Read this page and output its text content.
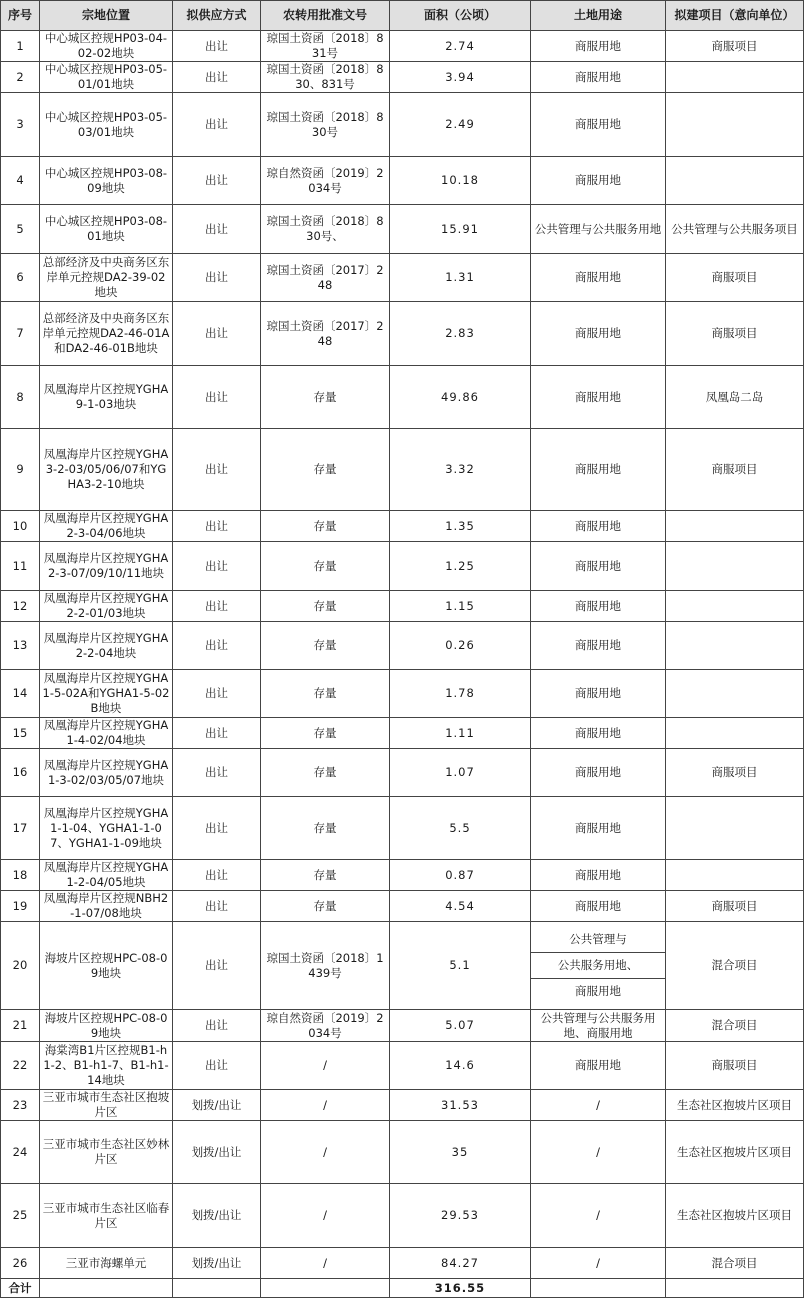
序号	宗地位置	拟供应方式	农转用批准文号	面积（公顷）	土地用途	拟建项目（意向单位）
1	中心城区控规HP03-04-02-02地块	出让	琼国土资函〔2018〕831号	2.74	商服用地	商服项目
2	中心城区控规HP03-05-01/01地块	出让	琼国土资函〔2018〕830、831号	3.94	商服用地	
3	中心城区控规HP03-05-03/01地块	出让	琼国土资函〔2018〕830号	2.49	商服用地	
4	中心城区控规HP03-08-09地块	出让	琼自然资函〔2019〕2034号	10.18	商服用地	
5	中心城区控规HP03-08-01地块	出让	琼国土资函〔2018〕830号、	15.91	公共管理与公共服务用地	公共管理与公共服务项目
6	总部经济及中央商务区东岸单元控规DA2-39-02地块	出让	琼国土资函〔2017〕248	1.31	商服用地	商服项目
7	总部经济及中央商务区东岸单元控规DA2-46-01A和DA2-46-01B地块	出让	琼国土资函〔2017〕248	2.83	商服用地	商服项目
8	凤凰海岸片区控规YGHA9-1-03地块	出让	存量	49.86	商服用地	凤凰岛二岛
9	凤凰海岸片区控规YGHA3-2-03/05/06/07和YGHA3-2-10地块	出让	存量	3.32	商服用地	商服项目
10	凤凰海岸片区控规YGHA2-3-04/06地块	出让	存量	1.35	商服用地	
11	凤凰海岸片区控规YGHA2-3-07/09/10/11地块	出让	存量	1.25	商服用地	
12	凤凰海岸片区控规YGHA2-2-01/03地块	出让	存量	1.15	商服用地	
13	凤凰海岸片区控规YGHA2-2-04地块	出让	存量	0.26	商服用地	
14	凤凰海岸片区控规YGHA1-5-02A和YGHA1-5-02B地块	出让	存量	1.78	商服用地	
15	凤凰海岸片区控规YGHA1-4-02/04地块	出让	存量	1.11	商服用地	
16	凤凰海岸片区控规YGHA1-3-02/03/05/07地块	出让	存量	1.07	商服用地	商服项目
17	凤凰海岸片区控规YGHA1-1-04、YGHA1-1-07、YGHA1-1-09地块	出让	存量	5.5	商服用地	
18	凤凰海岸片区控规YGHA1-2-04/05地块	出让	存量	0.87	商服用地	
19	凤凰海岸片区控规NBH2-1-07/08地块	出让	存量	4.54	商服用地	商服项目
20	海坡片区控规HPC-08-09地块	出让	琼国土资函〔2018〕1439号	5.1	公共管理与
公共服务用地、
商服用地	混合项目
21	海坡片区控规HPC-08-09地块	出让	琼自然资函〔2019〕2034号	5.07	公共管理与公共服务用地、商服用地	混合项目
22	海棠湾B1片区控规B1-h1-2、B1-h1-7、B1-h1-14地块	出让	/	14.6	商服用地	商服项目
23	三亚市城市生态社区抱坡片区	划拨/出让	/	31.53	/	生态社区抱坡片区项目
24	三亚市城市生态社区妙林片区	划拨/出让	/	35	/	生态社区抱坡片区项目
25	三亚市城市生态社区临春片区	划拨/出让	/	29.53	/	生态社区抱坡片区项目
26	三亚市海螺单元	划拨/出让	/	84.27	/	混合项目
合计				316.55		
